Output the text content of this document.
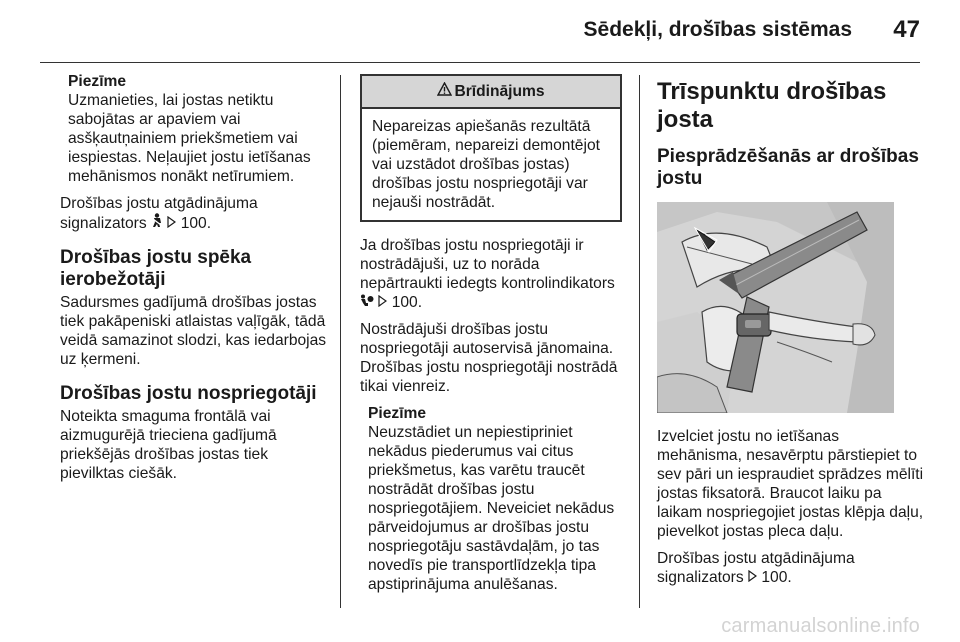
Sēdekļi, drošības sistēmas 47
Piezīme
Uzmanieties, lai jostas netiktu sabojātas ar apaviem vai asšķautņainiem priekšmetiem vai iespiestas. Neļaujiet jostu ietīšanas mehānismos nonākt netīrumiem.

Drošības jostu atgādinājuma signalizators 100.

Drošības jostu spēka ierobežotāji

Sadursmes gadījumā drošības jostas tiek pakāpeniski atlaistas vaļīgāk, tādā veidā samazinot slodzi, kas iedarbojas uz ķermeni.

Drošības jostu nospriegotāji

Noteikta smaguma frontālā vai aizmugurējā trieciena gadījumā priekšējās drošības jostas tiek pievilktas ciešāk.

Brīdinājums
Nepareizas apiešanās rezultātā (piemēram, nepareizi demontējot vai uzstādot drošības jostas) drošības jostu nospriegotāji var nejauši nostrādāt.

Ja drošības jostu nospriegotāji ir nostrādājuši, uz to norāda nepārtraukti iedegts kontrolindikators   100.

Nostrādājuši drošības jostu nospriegotāji autoservisā jānomaina. Drošības jostu nospriegotāji nostrādā tikai vienreiz.

Piezīme
Neuzstādiet un nepiestipriniet nekādus piederumus vai citus priekšmetus, kas varētu traucēt nostrādāt drošības jostu nospriegotājiem. Neveiciet nekādus pārveidojumus ar drošības jostu nospriegotāju sastāvdaļām, jo tas novedīs pie transportlīdzekļa tipa apstiprinājuma anulēšanas.
Trīspunktu drošības josta
Piesprādzēšanās ar drošības jostu

Izvelciet jostu no ietīšanas mehānisma, nesavērptu pārstiepiet to sev pāri un iespraudiet sprādzes mēlīti jostas fiksatorā. Braucot laiku pa laikam nospriegojiet jostas klēpja daļu, pievelkot jostas pleca daļu.

Drošības jostu atgādinājuma signalizators 100.

carmanualsonline.info
